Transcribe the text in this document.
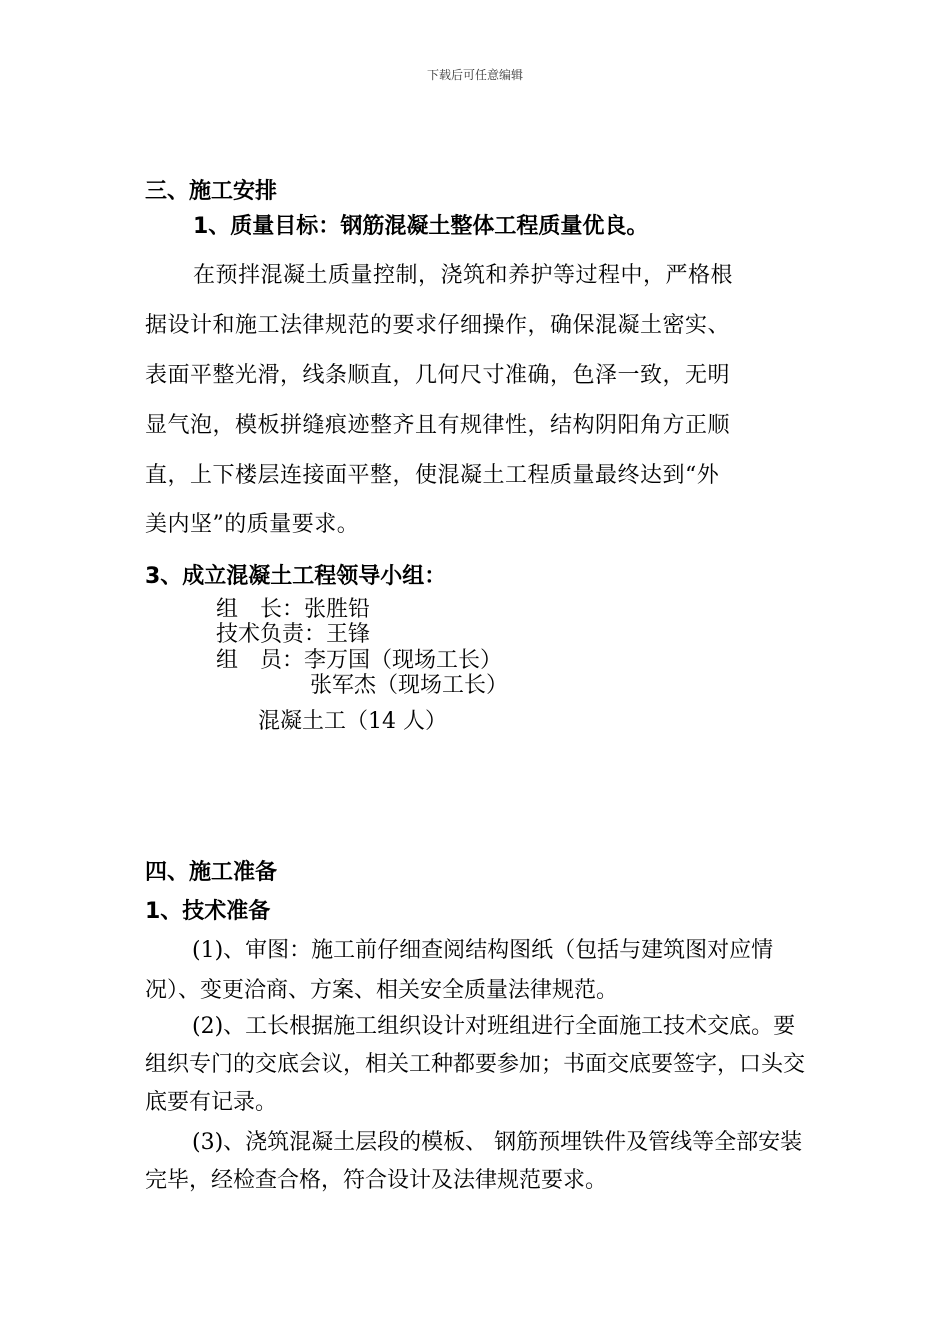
下载后可任意编辑
三、施工安排
1、质量目标：钢筋混凝土整体工程质量优良。
在预拌混凝土质量控制，浇筑和养护等过程中，严格根
据设计和施工法律规范的要求仔细操作，确保混凝土密实、
表面平整光滑，线条顺直，几何尺寸准确，色泽一致，无明
显气泡，模板拼缝痕迹整齐且有规律性，结构阴阳角方正顺
直，上下楼层连接面平整，使混凝土工程质量最终达到“外
美内坚”的质量要求。
3、成立混凝土工程领导小组：
组　长：张胜铅
技术负责：王锋
组　员：李万国（现场工长）
张军杰（现场工长）
混凝土工（14 人）
四、施工准备
1、技术准备
(1)、审图：施工前仔细查阅结构图纸（包括与建筑图对应情况）、变更洽商、方案、相关安全质量法律规范。
(2)、工长根据施工组织设计对班组进行全面施工技术交底。要组织专门的交底会议，相关工种都要参加；书面交底要签字，口头交底要有记录。
(3)、浇筑混凝土层段的模板、 钢筋预埋铁件及管线等全部安装完毕，经检查合格，符合设计及法律规范要求。
